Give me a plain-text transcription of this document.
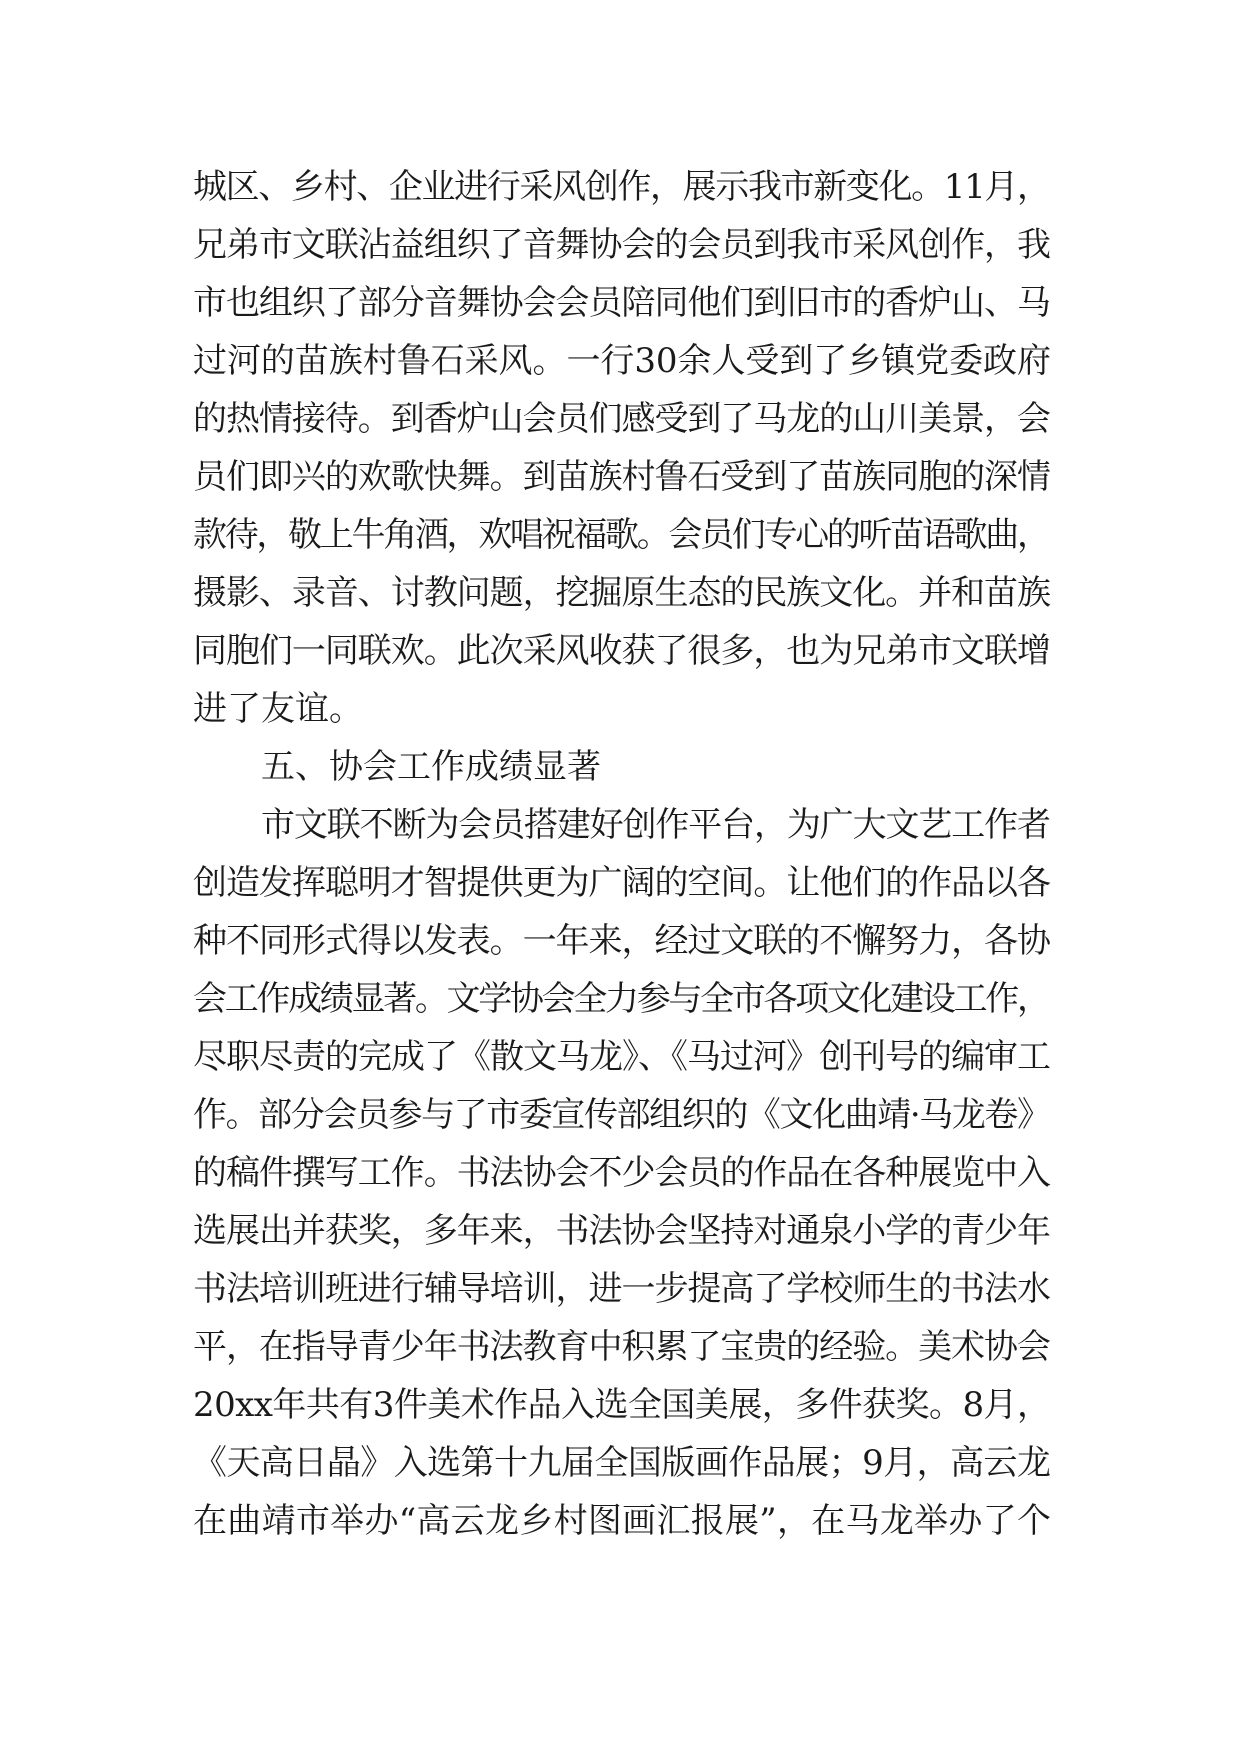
城区、乡村、企业进行采风创作，展示我市新变化。11月，
兄弟市文联沾益组织了音舞协会的会员到我市采风创作，我
市也组织了部分音舞协会会员陪同他们到旧市的香炉山、马
过河的苗族村鲁石采风。一行30余人受到了乡镇党委政府
的热情接待。到香炉山会员们感受到了马龙的山川美景，会
员们即兴的欢歌快舞。到苗族村鲁石受到了苗族同胞的深情
款待，敬上牛角酒，欢唱祝福歌。会员们专心的听苗语歌曲，
摄影、录音、讨教问题，挖掘原生态的民族文化。并和苗族
同胞们一同联欢。此次采风收获了很多，也为兄弟市文联增
进了友谊。
五、协会工作成绩显著
市文联不断为会员搭建好创作平台，为广大文艺工作者
创造发挥聪明才智提供更为广阔的空间。让他们的作品以各
种不同形式得以发表。一年来，经过文联的不懈努力，各协
会工作成绩显著。文学协会全力参与全市各项文化建设工作，
尽职尽责的完成了《散文马龙》、《马过河》创刊号的编审工
作。部分会员参与了市委宣传部组织的《文化曲靖·马龙卷》
的稿件撰写工作。书法协会不少会员的作品在各种展览中入
选展出并获奖，多年来，书法协会坚持对通泉小学的青少年
书法培训班进行辅导培训，进一步提高了学校师生的书法水
平，在指导青少年书法教育中积累了宝贵的经验。美术协会
20xx年共有3件美术作品入选全国美展，多件获奖。8月，
《天高日晶》入选第十九届全国版画作品展；9月，高云龙
在曲靖市举办“高云龙乡村图画汇报展”，在马龙举办了个
